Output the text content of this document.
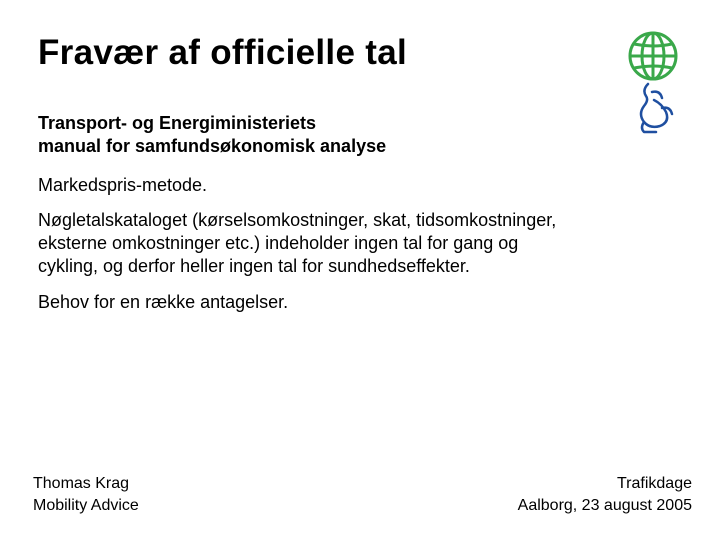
Fravær af officielle tal
Transport- og Energiministeriets
manual for samfundsøkonomisk analyse
Markedspris-metode.
Nøgletalskataloget (kørselsomkostninger, skat, tidsomkostninger,
eksterne omkostninger etc.) indeholder ingen tal for gang og
cykling, og derfor heller ingen tal for sundhedseffekter.
Behov for en række antagelser.
Thomas Krag
Mobility Advice
Trafikdage
Aalborg, 23 august 2005
